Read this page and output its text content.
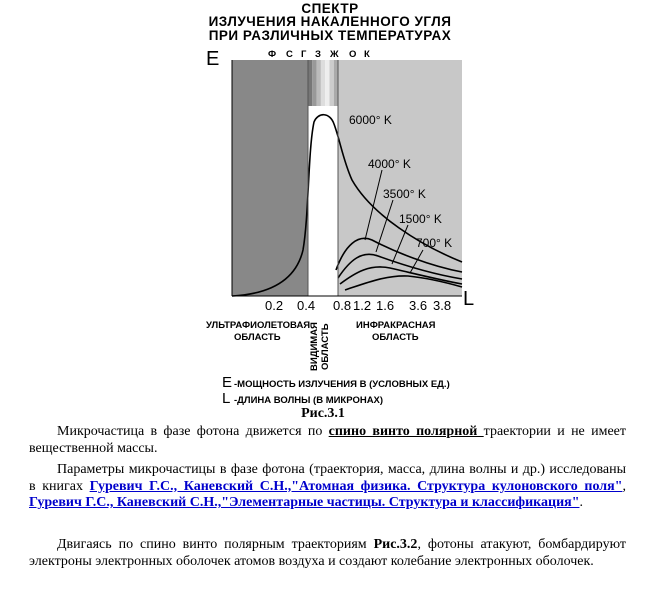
СПЕКТР
ИЗЛУЧЕНИЯ НАКАЛЕННОГО УГЛЯ
ПРИ РАЗЛИЧНЫХ ТЕМПЕРАТУРАХ
E
L
Ф С Г З Ж О К
6000° K
4000° K
3500° K
1500° K
700° K
0.2 0.4 0.8 1.2 1.6 3.6 3.8
УЛЬТРАФИОЛЕТОВАЯ
ОБЛАСТЬ	ВИДИМАЯ
ОБЛАСТЬ	ИНФРАКРАСНАЯ
ОБЛАСТЬ
E -МОЩНОСТЬ ИЗЛУЧЕНИЯ В (УСЛОВНЫХ ЕД.)
L -ДЛИНА ВОЛНЫ (В МИКРОНАХ)
Рис.3.1
Микрочастица в фазе фотона движется по спино винто полярной траектории и не имеет вещественной массы.
Параметры микрочастицы в фазе фотона (траектория, масса, длина волны и др.) исследованы в книгах Гуревич Г.С., Каневский С.Н.,"Атомная физика. Структура кулоновского поля", Гуревич Г.С., Каневский С.Н.,"Элементарные частицы. Структура и классификация".
Двигаясь по спино винто полярным траекториям Рис.3.2, фотоны атакуют, бомбардируют электроны электронных оболочек атомов воздуха и создают колебание электронных оболочек.
